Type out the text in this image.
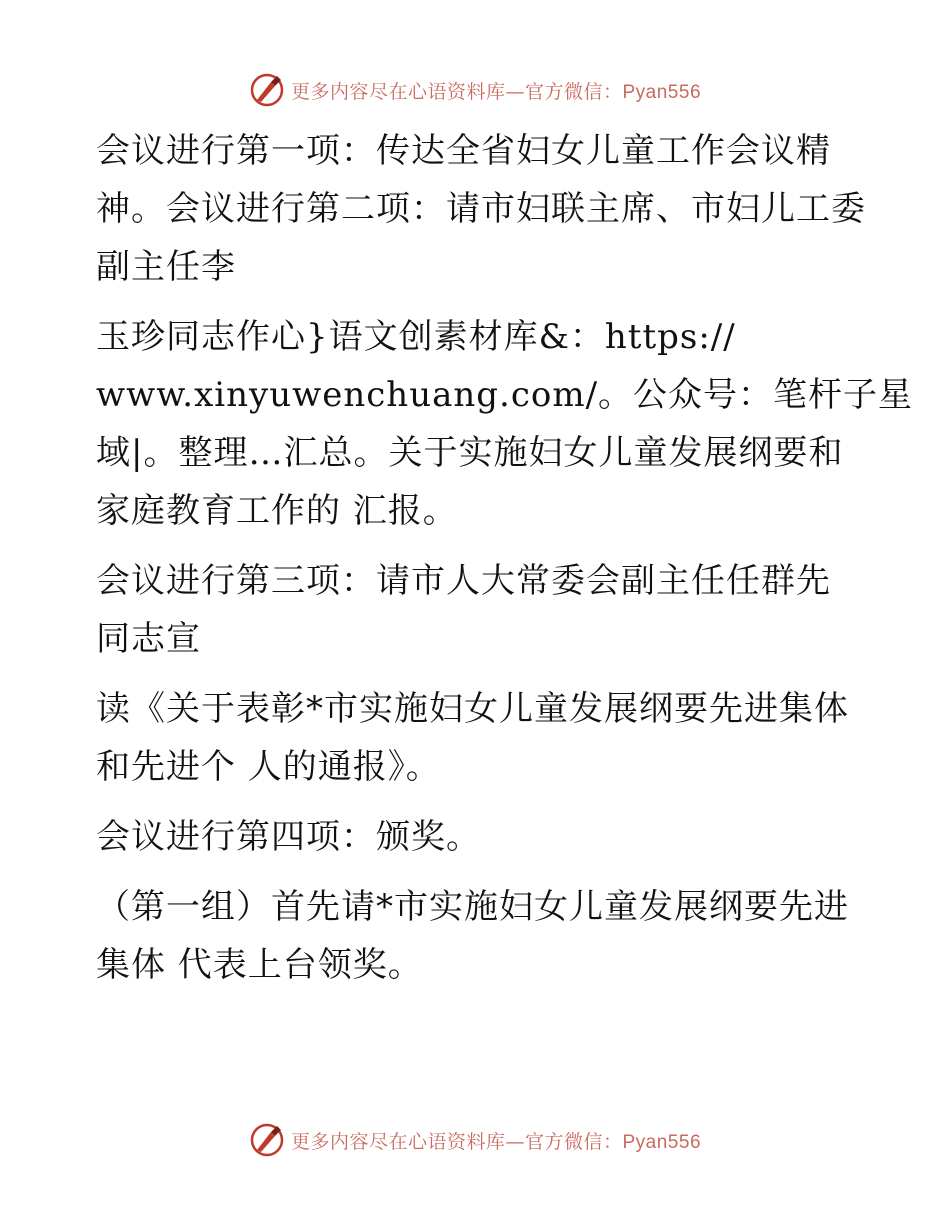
更多内容尽在心语资料库—官方微信：Pyan556
会议进行第一项：传达全省妇女儿童工作会议精
神。会议进行第二项：请市妇联主席、市妇儿工委
副主任李
玉珍同志作心}语文创素材库&：https://
www.xinyuwenchuang.com/。公众号：笔杆子星
域|。整理…汇总。关于实施妇女儿童发展纲要和
家庭教育工作的 汇报。
会议进行第三项：请市人大常委会副主任任群先
同志宣
读《关于表彰*市实施妇女儿童发展纲要先进集体
和先进个 人的通报》。
会议进行第四项：颁奖。
（第一组）首先请*市实施妇女儿童发展纲要先进
集体 代表上台领奖。
更多内容尽在心语资料库—官方微信：Pyan556
